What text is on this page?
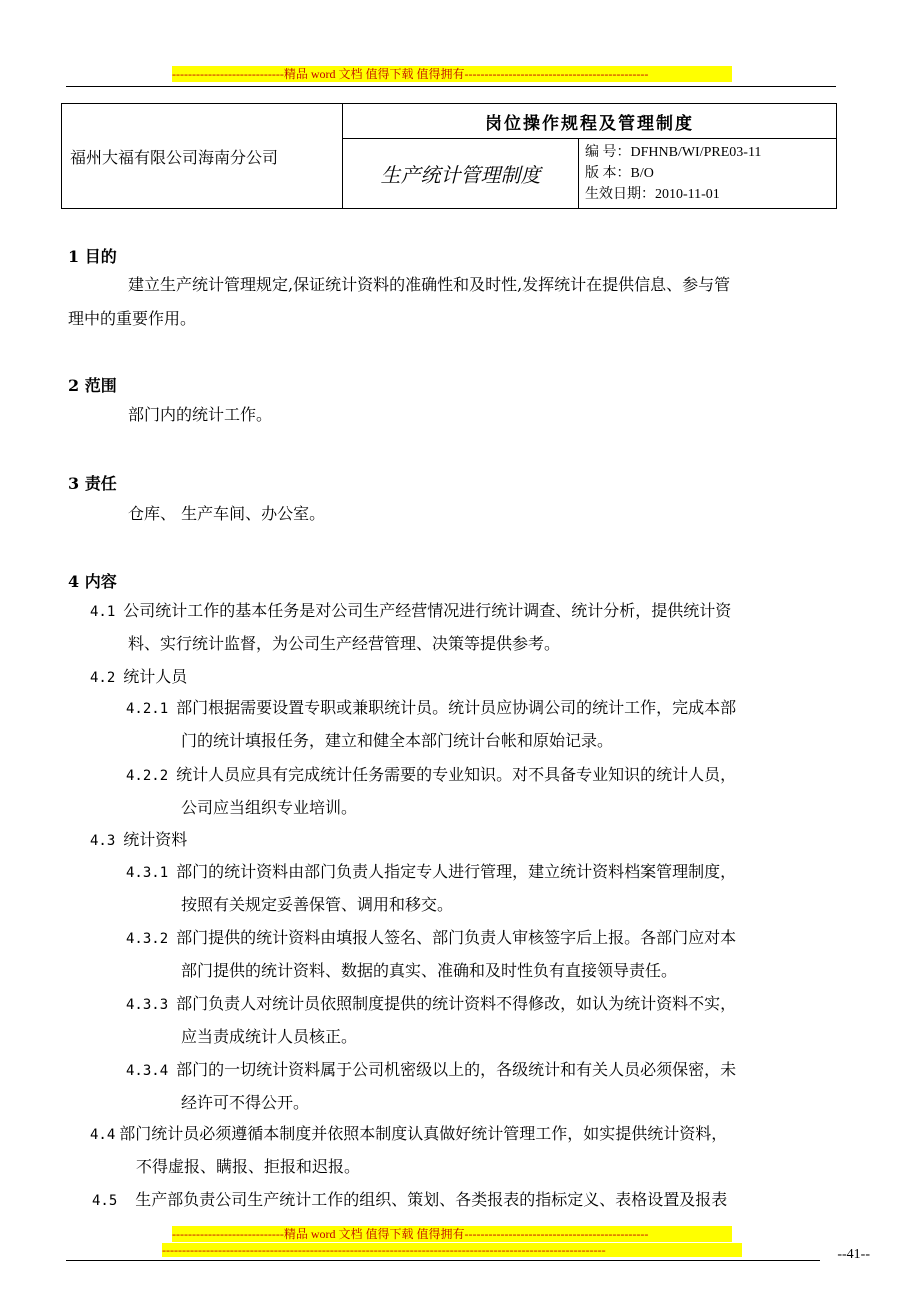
----------------------------精品 word 文档 值得下载 值得拥有----------------------------------------------
福州大福有限公司海南分公司	岗位操作规程及管理制度	
	生产统计管理制度	编 号：DFHNB/WI/PRE03-11
版 本：B/O
生效日期：2010-11-01
1 目的
建立生产统计管理规定,保证统计资料的准确性和及时性,发挥统计在提供信息、参与管
理中的重要作用。
2 范围
部门内的统计工作。
3 责任
仓库、 生产车间、办公室。
4 内容
4.1 公司统计工作的基本任务是对公司生产经营情况进行统计调查、统计分析，提供统计资
料、实行统计监督，为公司生产经营管理、决策等提供参考。
4.2 统计人员
4.2.1 部门根据需要设置专职或兼职统计员。统计员应协调公司的统计工作，完成本部
门的统计填报任务，建立和健全本部门统计台帐和原始记录。
4.2.2 统计人员应具有完成统计任务需要的专业知识。对不具备专业知识的统计人员，
公司应当组织专业培训。
4.3 统计资料
4.3.1 部门的统计资料由部门负责人指定专人进行管理，建立统计资料档案管理制度，
按照有关规定妥善保管、调用和移交。
4.3.2 部门提供的统计资料由填报人签名、部门负责人审核签字后上报。各部门应对本
部门提供的统计资料、数据的真实、准确和及时性负有直接领导责任。
4.3.3 部门负责人对统计员依照制度提供的统计资料不得修改，如认为统计资料不实，
应当责成统计人员核正。
4.3.4 部门的一切统计资料属于公司机密级以上的，各级统计和有关人员必须保密，未
经许可不得公开。
4.4 部门统计员必须遵循本制度并依照本制度认真做好统计管理工作，如实提供统计资料，
不得虚报、瞒报、拒报和迟报。
4.5 生产部负责公司生产统计工作的组织、策划、各类报表的指标定义、表格设置及报表
----------------------------精品 word 文档 值得下载 值得拥有----------------------------------------------
---------------------------------------------------------------------------------------------------------------	--41--
